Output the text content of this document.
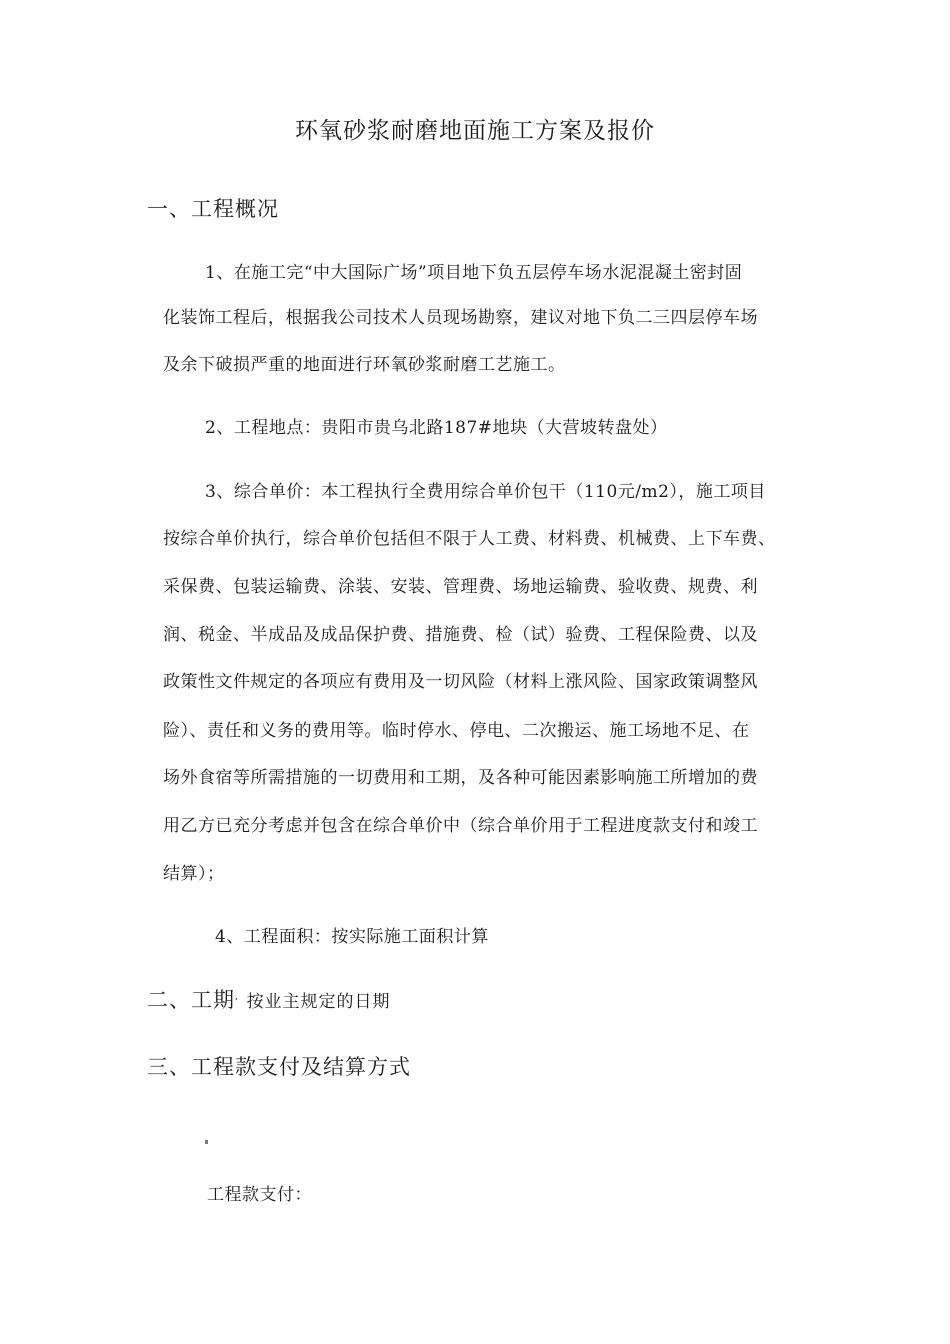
环氧砂浆耐磨地面施工方案及报价
一、工程概况
1、在施工完“中大国际广场”项目地下负五层停车场水泥混凝土密封固
化装饰工程后，根据我公司技术人员现场勘察，建议对地下负二三四层停车场
及余下破损严重的地面进行环氧砂浆耐磨工艺施工。
2、工程地点：贵阳市贵乌北路187#地块（大营坡转盘处）
3、综合单价：本工程执行全费用综合单价包干（110元/m2），施工项目
按综合单价执行，综合单价包括但不限于人工费、材料费、机械费、上下车费、
采保费、包装运输费、涂装、安装、管理费、场地运输费、验收费、规费、利
润、税金、半成品及成品保护费、措施费、检（试）验费、工程保险费、以及
政策性文件规定的各项应有费用及一切风险（材料上涨风险、国家政策调整风
险）、责任和义务的费用等。临时停水、停电、二次搬运、施工场地不足、在
场外食宿等所需措施的一切费用和工期，及各种可能因素影响施工所增加的费
用乙方已充分考虑并包含在综合单价中（综合单价用于工程进度款支付和竣工
结算）；
4、工程面积：按实际施工面积计算
二、工期, 按业主规定的日期
三、工程款支付及结算方式
工程款支付：
